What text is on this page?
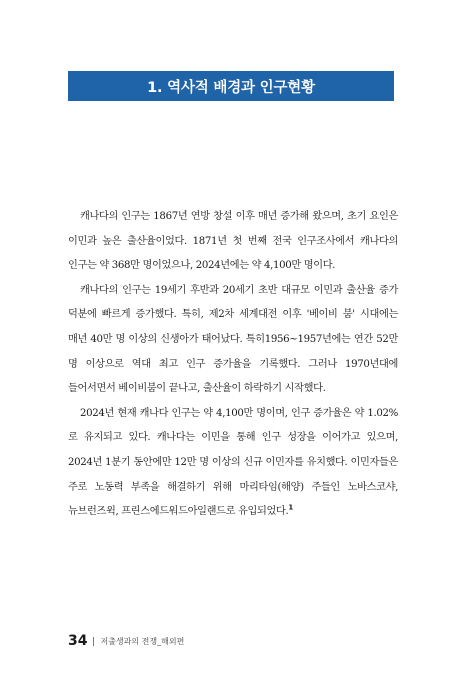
1. 역사적 배경과 인구현황

캐나다의 인구는 1867년 연방 창설 이후 매년 증가해 왔으며, 초기 요인은 이민과 높은 출산율이었다. 1871년 첫 번째 전국 인구조사에서 캐나다의 인구는 약 368만 명이었으나, 2024년에는 약 4,100만 명이다.

캐나다의 인구는 19세기 후반과 20세기 초반 대규모 이민과 출산율 증가 덕분에 빠르게 증가했다. 특히, 제2차 세계대전 이후 '베이비 붐' 시대에는 매년 40만 명 이상의 신생아가 태어났다. 특히1956~1957년에는 연간 52만 명 이상으로 역대 최고 인구 증가율을 기록했다. 그러나 1970년대에 들어서면서 베이비붐이 끝나고, 출산율이 하락하기 시작했다.

2024년 현재 캐나다 인구는 약 4,100만 명이며, 인구 증가율은 약 1.02%로 유지되고 있다. 캐나다는 이민을 통해 인구 성장을 이어가고 있으며, 2024년 1분기 동안에만 12만 명 이상의 신규 이민자를 유치했다. 이민자들은 주로 노동력 부족을 해결하기 위해 마리타임(해양) 주들인 노바스코샤, 뉴브런즈윅, 프린스에드워드아일랜드로 유입되었다.$^1$

34 저출생과의 전쟁_해외편
